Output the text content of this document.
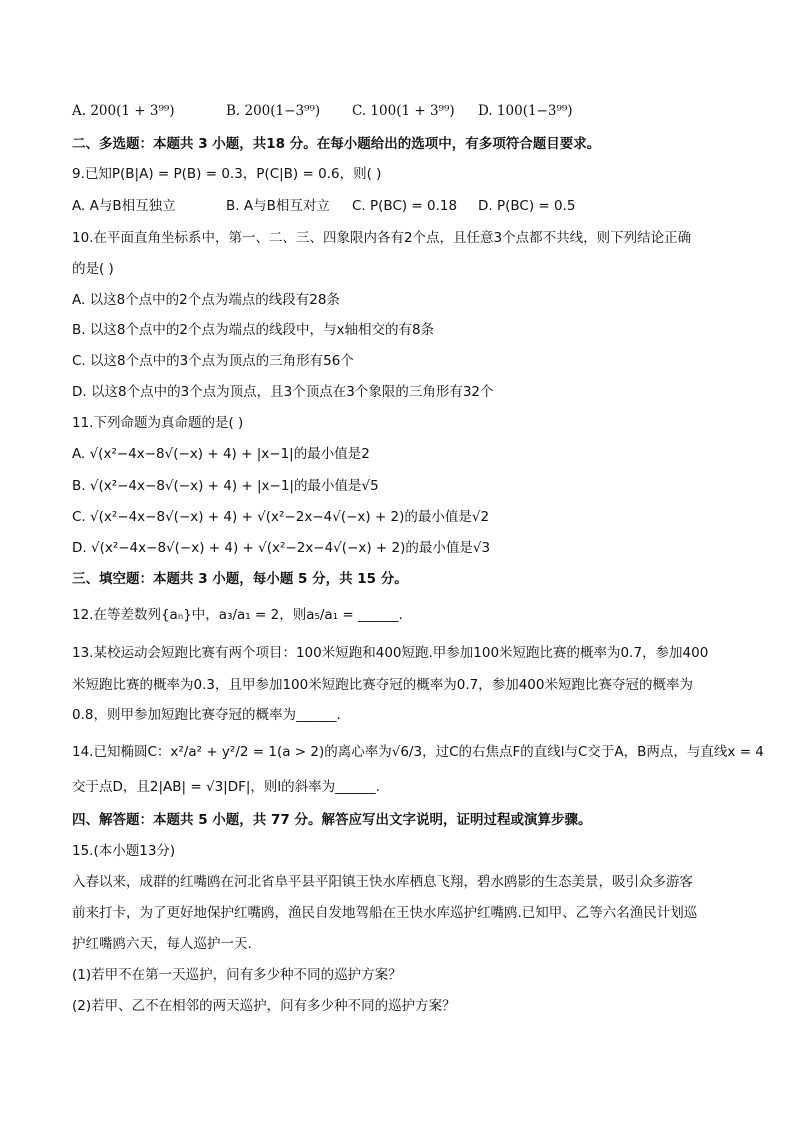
A. 200(1 + 3⁹⁹)	B. 200(1−3⁹⁹) C. 100(1 + 3⁹⁹) D. 100(1−3⁹⁹)
二、多选题：本题共 3 小题，共18 分。在每小题给出的选项中，有多项符合题目要求。
9.已知P(B|A) = P(B) = 0.3，P(C|B) = 0.6，则( )
A. A与B相互独立	B. A与B相互对立 C. P(BC) = 0.18 D. P(BC) = 0.5
10.在平面直角坐标系中，第一、二、三、四象限内各有2个点，且任意3个点都不共线，则下列结论正确
的是( )
A. 以这8个点中的2个点为端点的线段有28条
B. 以这8个点中的2个点为端点的线段中，与x轴相交的有8条
C. 以这8个点中的3个点为顶点的三角形有56个
D. 以这8个点中的3个点为顶点，且3个顶点在3个象限的三角形有32个
11.下列命题为真命题的是( )
A. √(x²−4x−8√(−x) + 4) + |x−1|的最小值是2
B. √(x²−4x−8√(−x) + 4) + |x−1|的最小值是√5
C. √(x²−4x−8√(−x) + 4) + √(x²−2x−4√(−x) + 2)的最小值是√2
D. √(x²−4x−8√(−x) + 4) + √(x²−2x−4√(−x) + 2)的最小值是√3
三、填空题：本题共 3 小题，每小题 5 分，共 15 分。
12.在等差数列{aₙ}中，a₃/a₁ = 2，则a₅/a₁ = ______.
13.某校运动会短跑比赛有两个项目：100米短跑和400短跑.甲参加100米短跑比赛的概率为0.7，参加400
米短跑比赛的概率为0.3，且甲参加100米短跑比赛夺冠的概率为0.7，参加400米短跑比赛夺冠的概率为
0.8，则甲参加短跑比赛夺冠的概率为______.
14.已知椭圆C：x²/a² + y²/2 = 1(a > 2)的离心率为√6/3，过C的右焦点F的直线l与C交于A，B两点，与直线x = 4
交于点D，且2|AB| = √3|DF|，则l的斜率为______.
四、解答题：本题共 5 小题，共 77 分。解答应写出文字说明，证明过程或演算步骤。
15.(本小题13分)
入春以来，成群的红嘴鸥在河北省阜平县平阳镇王快水库栖息飞翔，碧水鸥影的生态美景，吸引众多游客
前来打卡，为了更好地保护红嘴鸥，渔民自发地驾船在王快水库巡护红嘴鸥.已知甲、乙等六名渔民计划巡
护红嘴鸥六天，每人巡护一天.
(1)若甲不在第一天巡护，问有多少种不同的巡护方案？
(2)若甲、乙不在相邻的两天巡护，问有多少种不同的巡护方案？
